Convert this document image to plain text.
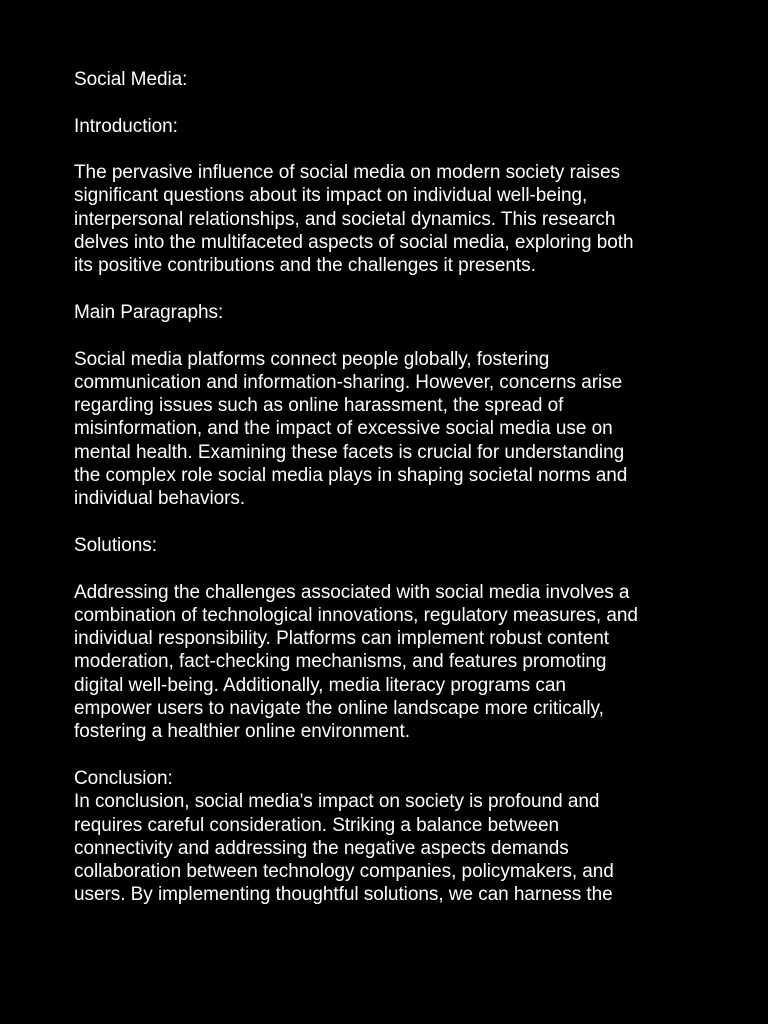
Social Media:
Introduction:
The pervasive influence of social media on modern society raises
significant questions about its impact on individual well-being,
interpersonal relationships, and societal dynamics. This research
delves into the multifaceted aspects of social media, exploring both
its positive contributions and the challenges it presents.
Main Paragraphs:
Social media platforms connect people globally, fostering
communication and information-sharing. However, concerns arise
regarding issues such as online harassment, the spread of
misinformation, and the impact of excessive social media use on
mental health. Examining these facets is crucial for understanding
the complex role social media plays in shaping societal norms and
individual behaviors.
Solutions:
Addressing the challenges associated with social media involves a
combination of technological innovations, regulatory measures, and
individual responsibility. Platforms can implement robust content
moderation, fact-checking mechanisms, and features promoting
digital well-being. Additionally, media literacy programs can
empower users to navigate the online landscape more critically,
fostering a healthier online environment.
Conclusion:
In conclusion, social media's impact on society is profound and
requires careful consideration. Striking a balance between
connectivity and addressing the negative aspects demands
collaboration between technology companies, policymakers, and
users. By implementing thoughtful solutions, we can harness the
